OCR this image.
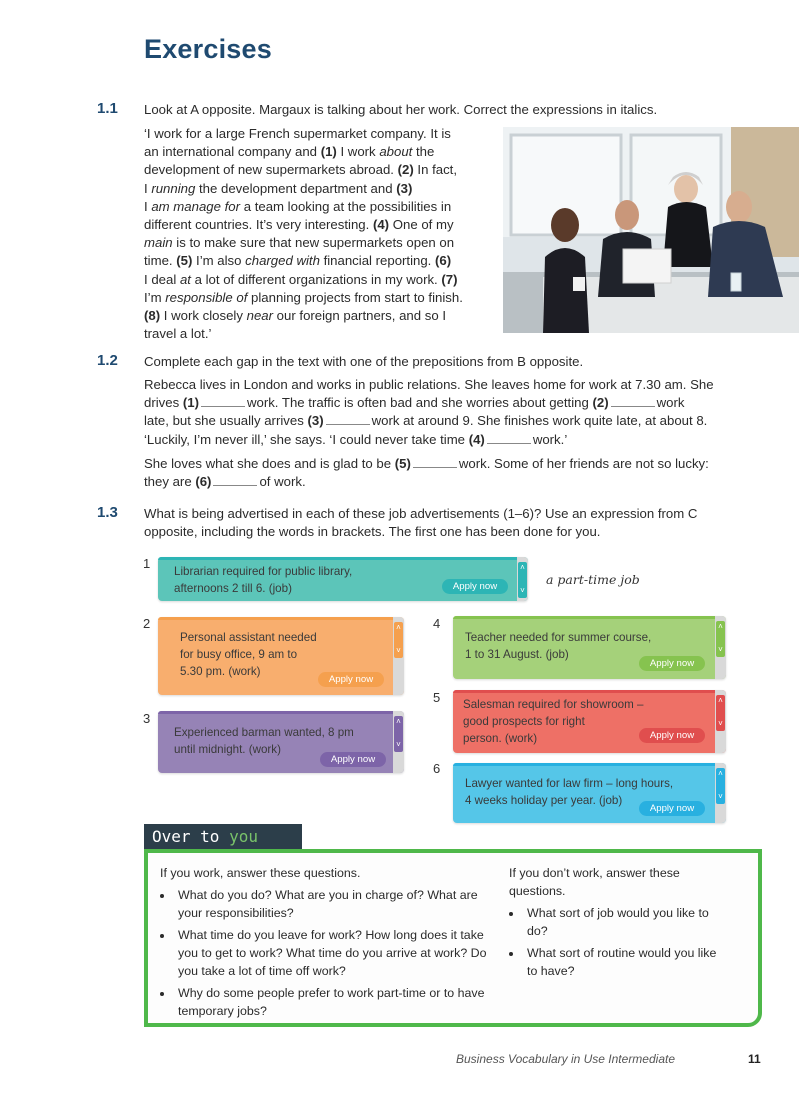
Exercises
1.1 Look at A opposite. Margaux is talking about her work. Correct the expressions in italics.
‘I work for a large French supermarket company. It is
an international company and (1) I work about the
development of new supermarkets abroad. (2) In fact,
I running the development department and (3)
I am manage for a team looking at the possibilities in
different countries. It’s very interesting. (4) One of my
main is to make sure that new supermarkets open on
time. (5) I’m also charged with financial reporting. (6)
I deal at a lot of different organizations in my work. (7)
I’m responsible of planning projects from start to finish.
(8) I work closely near our foreign partners, and so I
travel a lot.’
1.2 Complete each gap in the text with one of the prepositions from B opposite.
Rebecca lives in London and works in public relations. She leaves home for work at 7.30 am. She
drives (1)	work. The traffic is often bad and she worries about getting (2)	work
late, but she usually arrives (3)	work at around 9. She finishes work quite late, at about 8.
‘Luckily, I’m never ill,’ she says. ‘I could never take time (4)	work.’
She loves what she does and is glad to be (5)	work. Some of her friends are not so lucky:
they are (6)	of work.
1.3 What is being advertised in each of these job advertisements (1–6)? Use an expression from C
opposite, including the words in brackets. The first one has been done for you.
1
Librarian required for public library,
afternoons 2 till 6. (job)	Apply now
˄
˅
2
Personal assistant needed
for busy office, 9 am to
5.30 pm. (work)
Apply now
˄
˅
3
Experienced barman wanted, 8 pm
until midnight. (work)
Apply now
˄
˅
4
Teacher needed for summer course,
1 to 31 August. (job)
Apply now
˄
˅
5 Salesman required for showroom –
good prospects for right
person. (work)	Apply now
˄
˅
6
Lawyer wanted for law firm – long hours,
4 weeks holiday per year. (job)
Apply now
˄
˅
a part-time job
Over to you
If you work, answer these questions.
• What do you do? What are you in charge of? What are your responsibilities?
• What time do you leave for work? How long does it take you to get to work? What time do you arrive at work? Do you take a lot of time off work?
• Why do some people prefer to work part-time or to have temporary jobs?
If you don’t work, answer these questions.
• What sort of job would you like to do?
• What sort of routine would you like to have?
Business Vocabulary in Use Intermediate	11
